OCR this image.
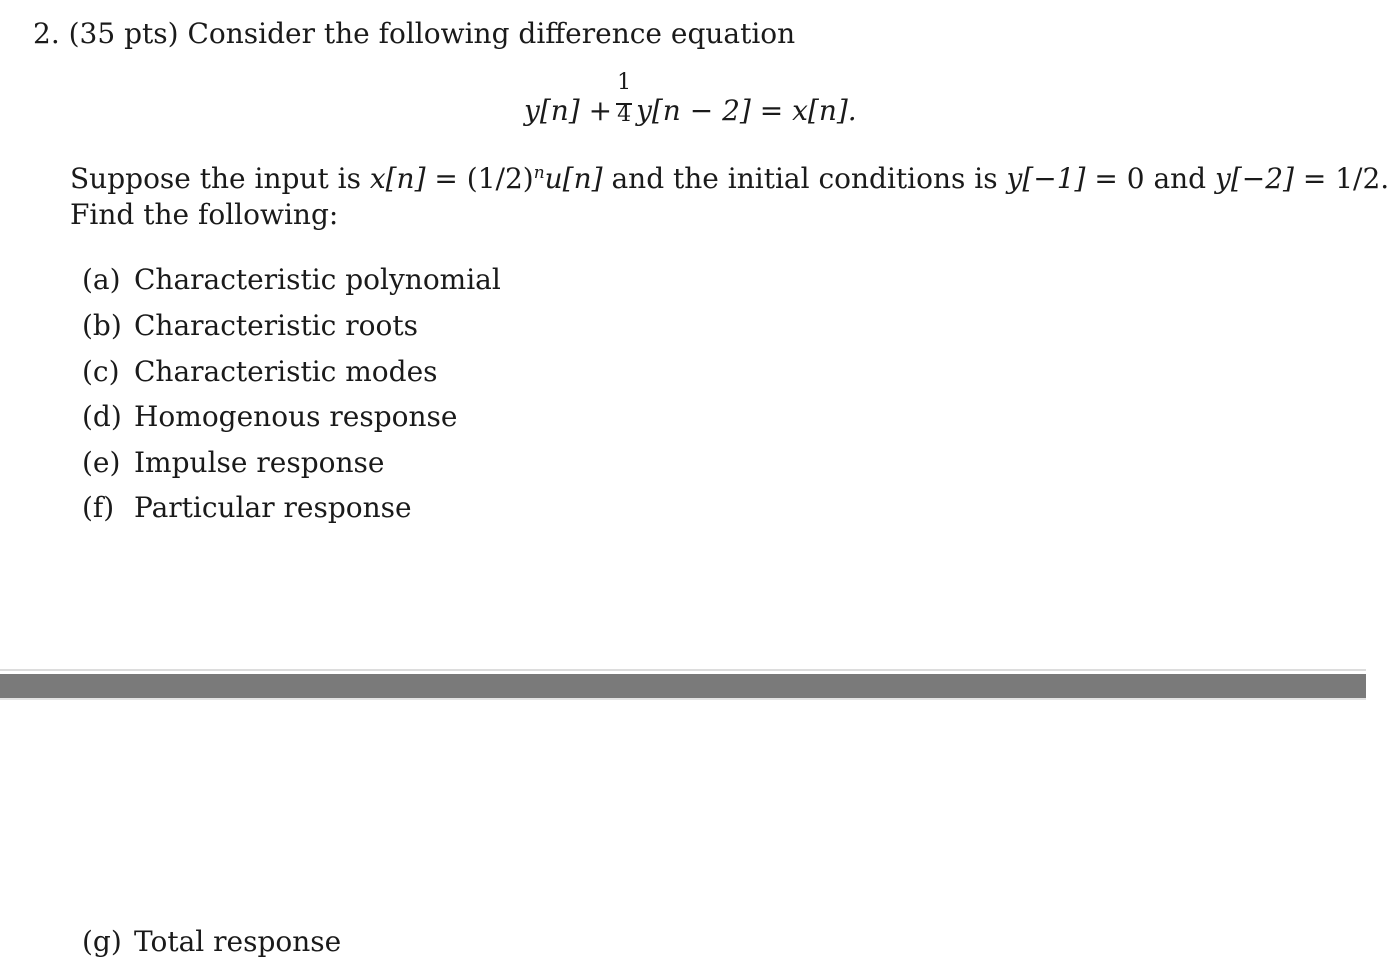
2. (35 pts) Consider the following difference equation
$y[n] + \frac{1}{4} y[n - 2] = x[n]$.
Suppose the input is $x[n] = (1/2)^nu[n]$ and the initial conditions is y[−1] = 0 and y[−2] = 1/2.
Find the following:
(a) Characteristic polynomial
(b) Characteristic roots
(c) Characteristic modes
(d) Homogenous response
(e) Impulse response
(f) Particular response
(g) Total response
